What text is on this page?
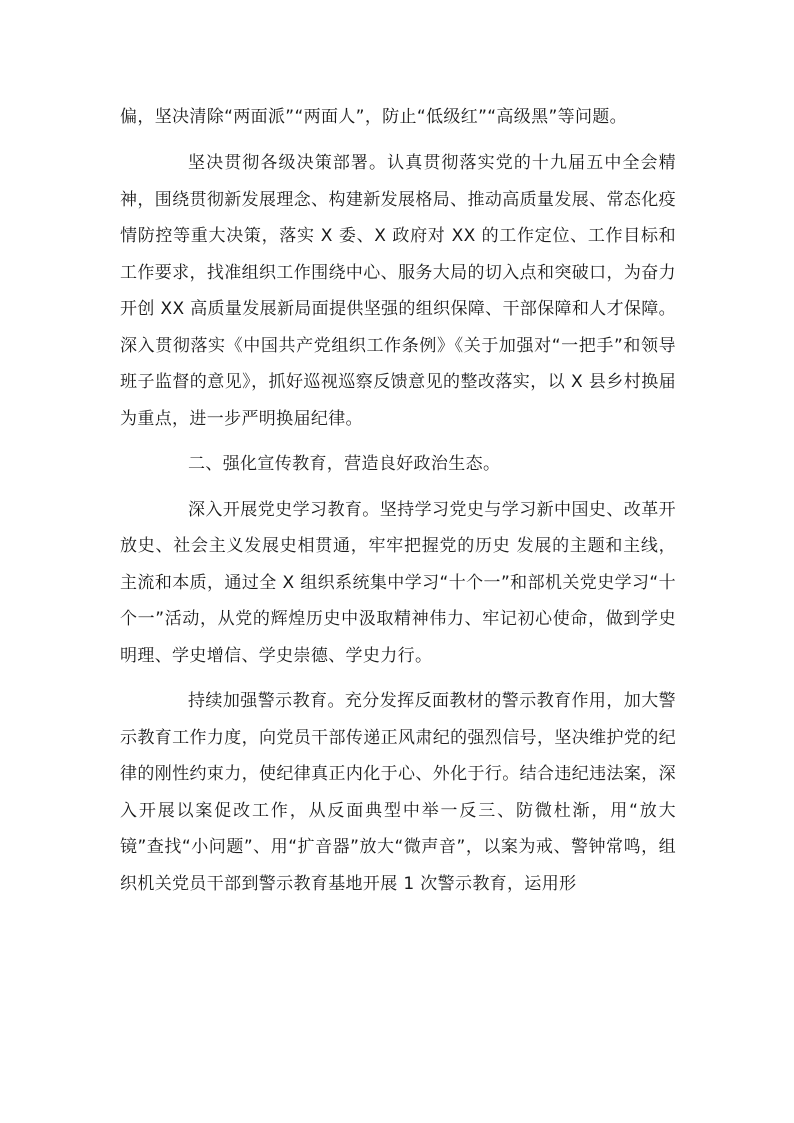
偏，坚决清除“两面派”“两面人”，防止“低级红”“高级黑”等问题。

坚决贯彻各级决策部署。认真贯彻落实党的十九届五中全会精神，围绕贯彻新发展理念、构建新发展格局、推动高质量发展、常态化疫情防控等重大决策，落实 X 委、X 政府对 XX 的工作定位、工作目标和工作要求，找准组织工作围绕中心、服务大局的切入点和突破口，为奋力开创 XX 高质量发展新局面提供坚强的组织保障、干部保障和人才保障。深入贯彻落实《中国共产党组织工作条例》《关于加强对“一把手”和领导班子监督的意见》，抓好巡视巡察反馈意见的整改落实，以 X 县乡村换届为重点，进一步严明换届纪律。

二、强化宣传教育，营造良好政治生态。

深入开展党史学习教育。坚持学习党史与学习新中国史、改革开放史、社会主义发展史相贯通，牢牢把握党的历史 发展的主题和主线，主流和本质，通过全 X 组织系统集中学习“十个一”和部机关党史学习“十个一”活动，从党的辉煌历史中汲取精神伟力、牢记初心使命，做到学史明理、学史增信、学史崇德、学史力行。

持续加强警示教育。充分发挥反面教材的警示教育作用，加大警示教育工作力度，向党员干部传递正风肃纪的强烈信号，坚决维护党的纪律的刚性约束力，使纪律真正内化于心、外化于行。结合违纪违法案，深入开展以案促改工作，从反面典型中举一反三、防微杜渐，用“放大镜”查找“小问题”、用“扩音器”放大“微声音”，以案为戒、警钟常鸣，组织机关党员干部到警示教育基地开展 1 次警示教育，运用形
